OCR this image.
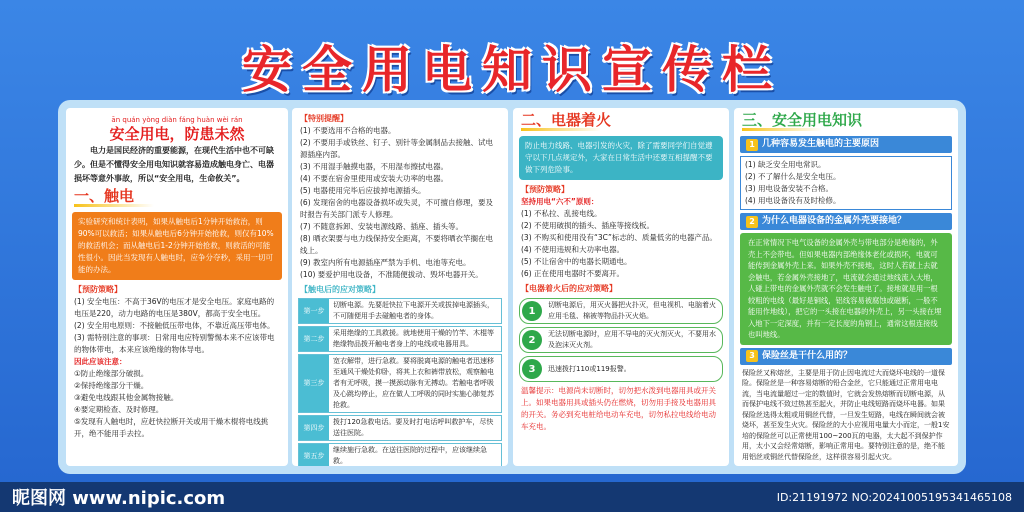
安全用电知识宣传栏
ān quán yòng diàn fáng huàn wèi rán
安全用电，防患未然
电力是国民经济的重要能源，在现代生活中也不可缺少。但是不懂得安全用电知识就容易造成触电身亡、电器损坏等意外事故，所以“安全用电，生命攸关”。
一、触电
实验研究和统计表明，如果从触电后1分钟开始救治，则90%可以救活；如果从触电后6分钟开始抢救，则仅有10%的救活机会；而从触电后1-2分钟开始抢救，则救活的可能性很小。因此当发现有人触电时，应争分夺秒，采用一切可能的办法。
【预防策略】
(1) 安全电压：不高于36V的电压才是安全电压。家庭电路的电压是220，动力电路的电压是380V，都高于安全电压。
(2) 安全用电原则：不接触低压带电体，不靠近高压带电体。
(3) 需特别注意的事项：日常用电应特别警惕本来不应该带电的物体带电，本来应该绝缘的物体导电。
因此应该注意：
①防止绝缘部分破损。
②保持绝缘部分干燥。
③避免电线跟其他金属物接触。
④要定期检查、及时修理。
⑤发现有人触电时，应赶快拉断开关或用干燥木棍将电线挑开，绝不能用手去拉。
【特别提醒】
(1) 不要选用不合格的电器。
(2) 不要用手或铁丝、钉子、别针等金属制品去接触、试电源插座内部。
(3) 不用湿手触摸电器，不用湿布擦拭电器。
(4) 不要在宿舍里使用或安装大功率的电器。
(5) 电器使用完毕后应拔掉电源插头。
(6) 发现宿舍的电器设备损坏或失灵，不可擅自修理，要及时报告有关部门派专人修理。
(7) 不随意拆卸、安装电源线路、插座、插头等。
(8) 晒衣架要与电力线保持安全距离，不要将晒衣竿搁在电线上。
(9) 教室内所有电源插座严禁为手机、电池等充电。
(10) 要爱护用电设备，不准随便拔动、毁坏电器开关。
【触电后的应对策略】
第一步
切断电源。先要赶快拉下电源开关或拔掉电源插头，不可随便用手去碰触电者的身体。
第二步
采用绝缘的工具救援。就地使用干燥的竹竿、木棍等绝缘物品拨开触电者身上的电线或电器用具。
第三步
宽衣解带，进行急救。要将脱离电源的触电者迅速移至通风干燥处仰卧，将其上衣和裤带放松，观察触电者有无呼吸，摸一摸颈动脉有无搏动。若触电者呼吸及心跳均停止，应在做人工呼吸的同时实施心肺复苏抢救。
第四步
拨打120急救电话。要及时打电话呼叫救护车，尽快送往医院。
第五步
继续施行急救。在送往医院的过程中，应该继续急救。
二、电器着火
防止电力线路、电器引发的火灾，除了需要同学们自觉遵守以下几点规定外，大家在日常生活中还要互相提醒不要做下列危险事。
【预防策略】
坚持用电“六不”原则：
(1) 不私拉、乱接电线。
(2) 不使用破损的插头、插座等接线板。
(3) 不购买和使用没有“3C”标志的、质量低劣的电器产品。
(4) 不使用违规和大功率电器。
(5) 不让宿舍中的电器长期通电。
(6) 正在使用电器时不要离开。
【电器着火后的应对策略】
1
切断电源后，用灭火器把火扑灭，但电视机、电脑着火应用毛毯、棉被等物品扑灭火焰。
2
无法切断电源时，应用不导电的灭火剂灭火，不要用水及泡沫灭火剂。
3	迅速拨打110或119报警。
温馨提示：电源尚未切断时，切勿把水泼到电器用具或开关上。如果电器用具或插头仍在燃烧，切勿用手接及电器用具的开关。务必到充电桩给电动车充电，切勿私拉电线给电动车充电。
三、安全用电知识
1 几种容易发生触电的主要原因
(1) 缺乏安全用电常识。
(2) 不了解什么是安全电压。
(3) 用电设备安装不合格。
(4) 用电设备没有及时检修。
2 为什么电器设备的金属外壳要接地？
在正常情况下电气设备的金属外壳与带电部分是绝缘的，外壳上不会带电。但如果电器内部绝缘体老化或损坏，电就可能传到金属外壳上来。如果外壳不接地，这时人若就上去就会触电，若金属外壳接地了，电流就会通过地线流入大地，人碰上带电的金属外壳就不会发生触电了。接地就是用一根较粗的电线（最好是铜线，铝线容易被腐蚀或磁断，一般不能用作地线），把它的一头接在电器的外壳上，另一头接在埋入地下一定深度，并有一定长度的角钢上，通常这根连接线也叫地线。
3 保险丝是干什么用的？
保险丝又称熔丝，主要是用于防止因电流过大而烧坏电线的一道保险。保险丝是一种容易熔断的铅合金丝，它只能通过正常用电电流，当电流量超过一定的数值时，它就会发热熔断而切断电源，从而保护电线不致过热甚至起火，并防止电线短路而烧坏电器。如果保险丝选得太粗或用铜丝代替，一旦发生短路，电线在瞬间就会被烧坏，甚至发生火灾。保险丝的大小应视用电量大小而定，一般1安培的保险丝可以正常使用100~200瓦的电器，太大起不到保护作用，太小又会经常熔断，影响正常用电。要特别注意的是，绝不能用铝丝或铜丝代替保险丝，这样很容易引起火灾。
昵图网 www.nipic.com	ID:21191972 NO:20241005195341465108
